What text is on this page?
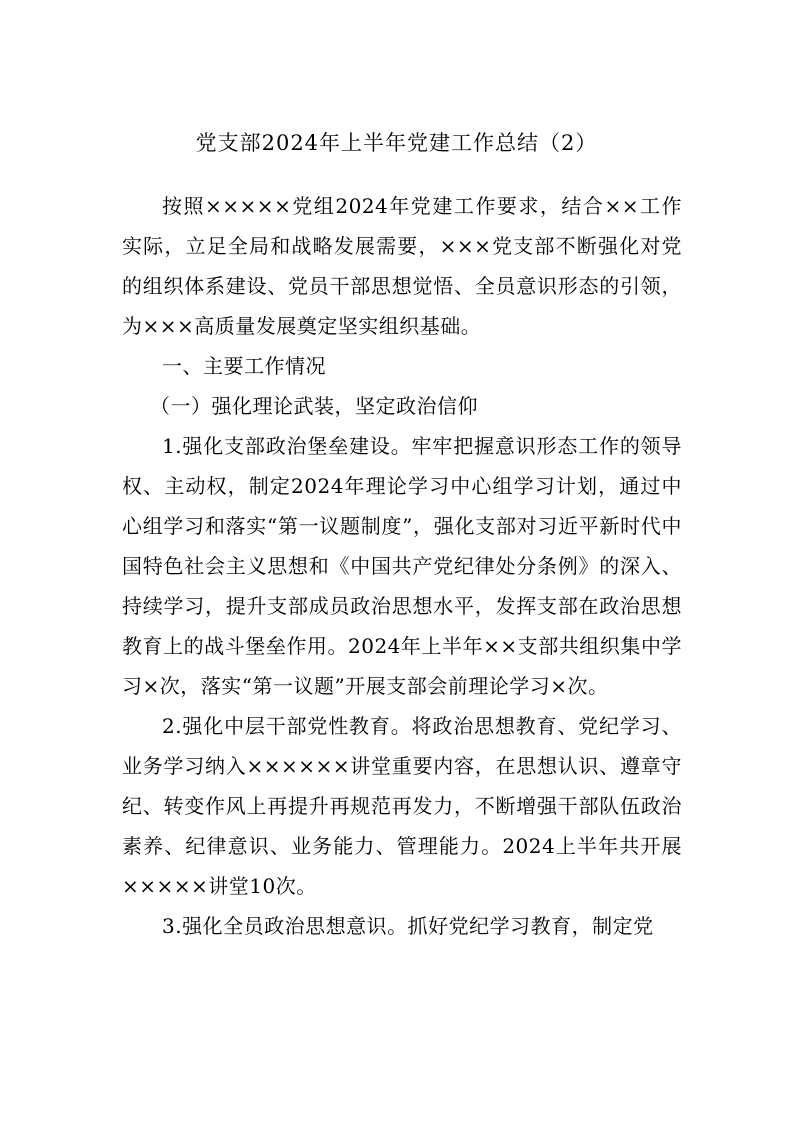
党支部2024年上半年党建工作总结（2）

按照×××××党组2024年党建工作要求，结合××工作实际，立足全局和战略发展需要，×××党支部不断强化对党的组织体系建设、党员干部思想觉悟、全员意识形态的引领，为×××高质量发展奠定坚实组织基础。

一、主要工作情况

（一）强化理论武装，坚定政治信仰

1.强化支部政治堡垒建设。牢牢把握意识形态工作的领导权、主动权，制定2024年理论学习中心组学习计划，通过中心组学习和落实“第一议题制度”，强化支部对习近平新时代中国特色社会主义思想和《中国共产党纪律处分条例》的深入、持续学习，提升支部成员政治思想水平，发挥支部在政治思想教育上的战斗堡垒作用。2024年上半年××支部共组织集中学习×次，落实“第一议题”开展支部会前理论学习×次。

2.强化中层干部党性教育。将政治思想教育、党纪学习、业务学习纳入××××××讲堂重要内容，在思想认识、遵章守纪、转变作风上再提升再规范再发力，不断增强干部队伍政治素养、纪律意识、业务能力、管理能力。2024上半年共开展×××××讲堂10次。

3.强化全员政治思想意识。抓好党纪学习教育，制定党
